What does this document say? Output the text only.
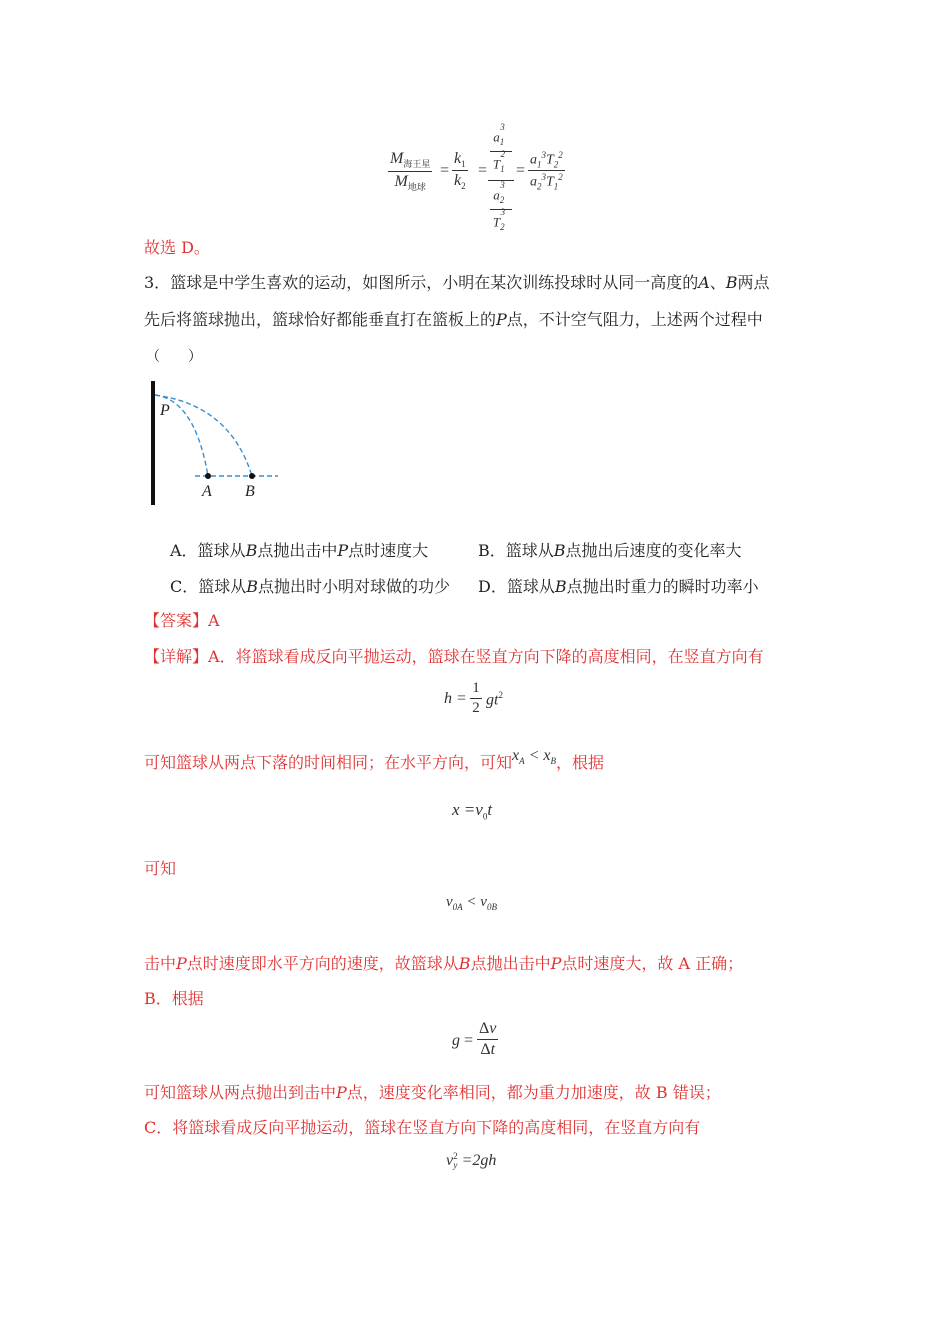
$M_{海王星}$
$M_{地球}$
=
$k_1$
$k_2$
=
$a_1^3$
$T_1^2$
$a_2^3$
$T_2^3$
=
$a_1^3T_2^2$
$a_2^3T_1^2$
故选 D。
3．篮球是中学生喜欢的运动，如图所示，小明在某次训练投球时从同一高度的A、B两点
先后将篮球抛出，篮球恰好都能垂直打在篮板上的P点，不计空气阻力，上述两个过程中
（　　）
P
A B
A．篮球从B点抛出击中P点时速度大	B．篮球从B点抛出后速度的变化率大
C．篮球从B点抛出时小明对球做的功少 D．篮球从B点抛出时重力的瞬时功率小
【答案】A
【详解】A．将篮球看成反向平抛运动，篮球在竖直方向下降的高度相同，在竖直方向有
h =
1
2 $gt^2$
可知篮球从两点下落的时间相同；在水平方向，可知$x_A < x_B$，根据
$x =v_0t$
可知
$v_{0A} < v_{0B}$
击中P点时速度即水平方向的速度，故篮球从B点抛出击中P点时速度大，故 A 正确；
B．根据
g =
Δv
Δt
可知篮球从两点抛出到击中P点，速度变化率相同，都为重力加速度，故 B 错误；
C．将篮球看成反向平抛运动，篮球在竖直方向下降的高度相同，在竖直方向有
v 2
y =2gh
